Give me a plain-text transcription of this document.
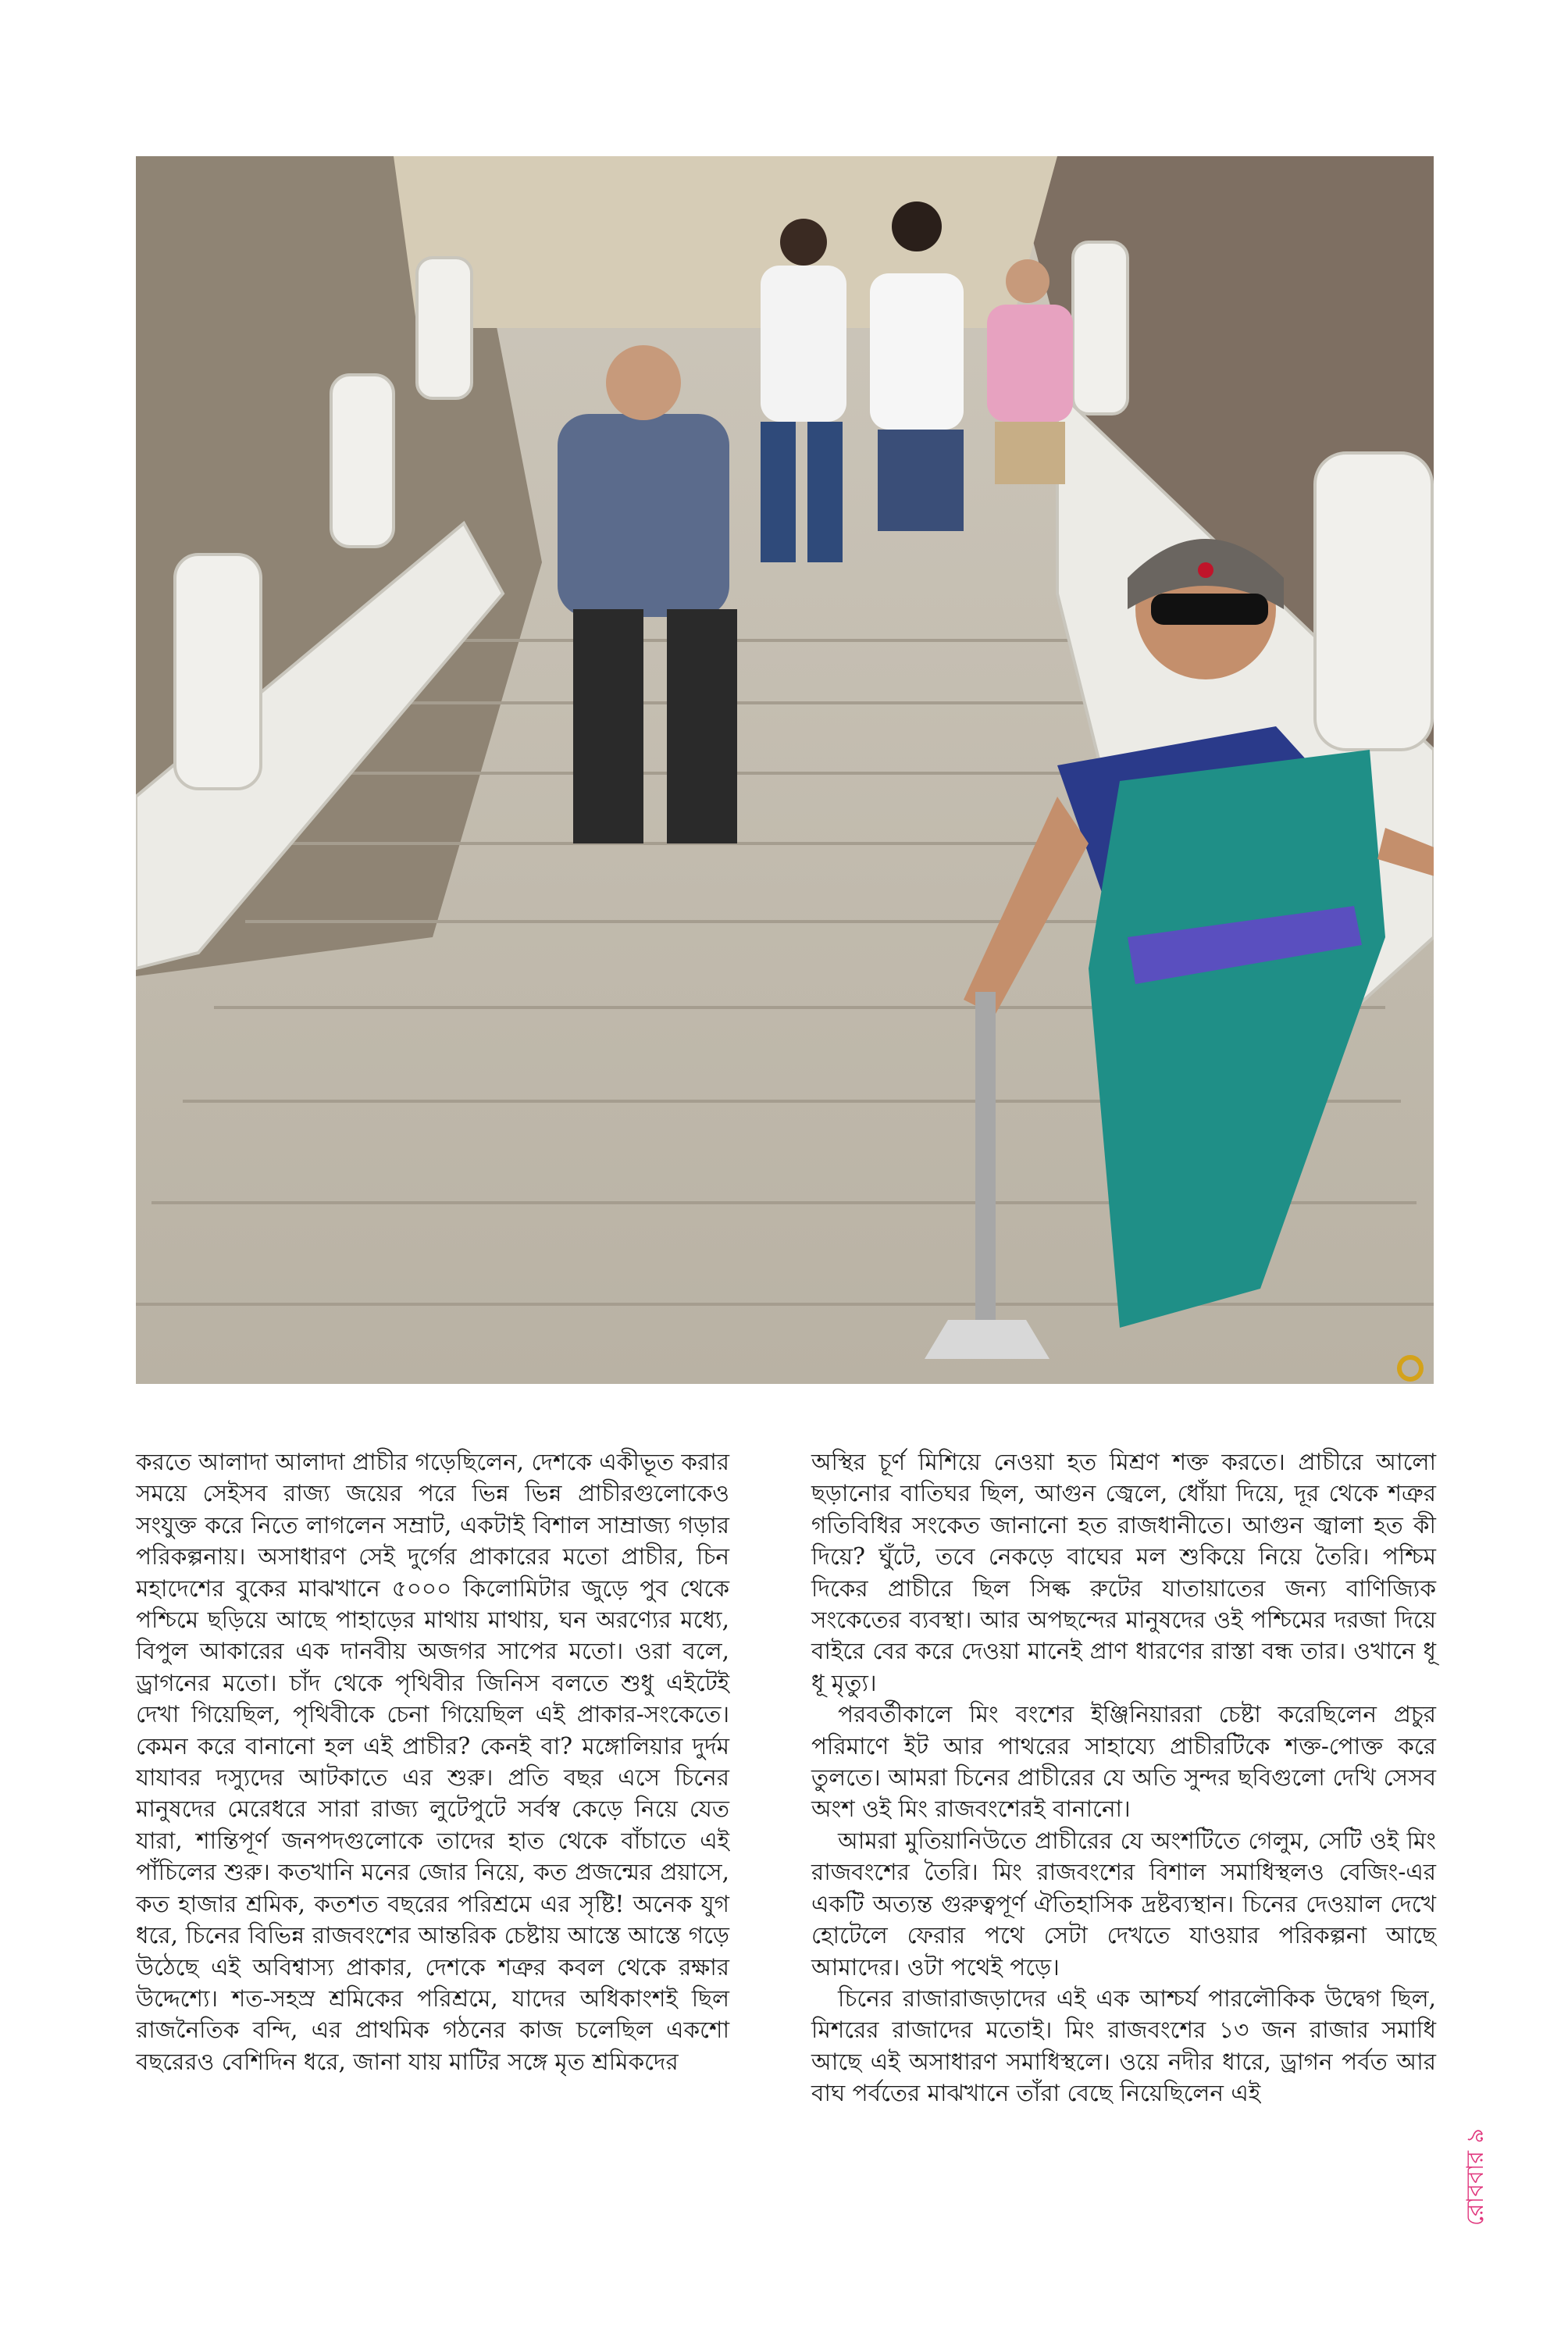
করতে আলাদা আলাদা প্রাচীর গড়েছিলেন, দেশকে একীভূত করার সময়ে সেইসব রাজ্য জয়ের পরে ভিন্ন ভিন্ন প্রাচীরগুলোকেও সংযুক্ত করে নিতে লাগলেন সম্রাট, একটাই বিশাল সাম্রাজ্য গড়ার পরিকল্পনায়। অসাধারণ সেই দুর্গের প্রাকারের মতো প্রাচীর, চিন মহাদেশের বুকের মাঝখানে ৫০০০ কিলোমিটার জুড়ে পুব থেকে পশ্চিমে ছড়িয়ে আছে পাহাড়ের মাথায় মাথায়, ঘন অরণ্যের মধ্যে, বিপুল আকারের এক দানবীয় অজগর সাপের মতো। ওরা বলে, ড্রাগনের মতো। চাঁদ থেকে পৃথিবীর জিনিস বলতে শুধু এইটেই দেখা গিয়েছিল, পৃথিবীকে চেনা গিয়েছিল এই প্রাকার-সংকেতে। কেমন করে বানানো হল এই প্রাচীর? কেনই বা? মঙ্গোলিয়ার দুর্দম যাযাবর দস্যুদের আটকাতে এর শুরু। প্রতি বছর এসে চিনের মানুষদের মেরেধরে সারা রাজ্য লুটেপুটে সর্বস্ব কেড়ে নিয়ে যেত যারা, শান্তিপূর্ণ জনপদগুলোকে তাদের হাত থেকে বাঁচাতে এই পাঁচিলের শুরু। কতখানি মনের জোর নিয়ে, কত প্রজন্মের প্রয়াসে, কত হাজার শ্রমিক, কতশত বছরের পরিশ্রমে এর সৃষ্টি! অনেক যুগ ধরে, চিনের বিভিন্ন রাজবংশের আন্তরিক চেষ্টায় আস্তে আস্তে গড়ে উঠেছে এই অবিশ্বাস্য প্রাকার, দেশকে শত্রুর কবল থেকে রক্ষার উদ্দেশ্যে। শত-সহস্র শ্রমিকের পরিশ্রমে, যাদের অধিকাংশই ছিল রাজনৈতিক বন্দি, এর প্রাথমিক গঠনের কাজ চলেছিল একশো বছরেরও বেশিদিন ধরে, জানা যায় মাটির সঙ্গে মৃত শ্রমিকদের

অস্থির চূর্ণ মিশিয়ে নেওয়া হত মিশ্রণ শক্ত করতে। প্রাচীরে আলো ছড়ানোর বাতিঘর ছিল, আগুন জ্বেলে, ধোঁয়া দিয়ে, দূর থেকে শত্রুর গতিবিধির সংকেত জানানো হত রাজধানীতে। আগুন জ্বালা হত কী দিয়ে? ঘুঁটে, তবে নেকড়ে বাঘের মল শুকিয়ে নিয়ে তৈরি। পশ্চিম দিকের প্রাচীরে ছিল সিল্ক রুটের যাতায়াতের জন্য বাণিজ্যিক সংকেতের ব্যবস্থা। আর অপছন্দের মানুষদের ওই পশ্চিমের দরজা দিয়ে বাইরে বের করে দেওয়া মানেই প্রাণ ধারণের রাস্তা বন্ধ তার। ওখানে ধূ ধূ মৃত্যু।

পরবর্তীকালে মিং বংশের ইঞ্জিনিয়াররা চেষ্টা করেছিলেন প্রচুর পরিমাণে ইট আর পাথরের সাহায্যে প্রাচীরটিকে শক্ত-পোক্ত করে তুলতে। আমরা চিনের প্রাচীরের যে অতি সুন্দর ছবিগুলো দেখি সেসব অংশ ওই মিং রাজবংশেরই বানানো।

আমরা মুতিয়ানিউতে প্রাচীরের যে অংশটিতে গেলুম, সেটি ওই মিং রাজবংশের তৈরি। মিং রাজবংশের বিশাল সমাধিস্থলও বেজিং-এর একটি অত্যন্ত গুরুত্বপূর্ণ ঐতিহাসিক দ্রষ্টব্যস্থান। চিনের দেওয়াল দেখে হোটেলে ফেরার পথে সেটা দেখতে যাওয়ার পরিকল্পনা আছে আমাদের। ওটা পথেই পড়ে।

চিনের রাজারাজড়াদের এই এক আশ্চর্য পারলৌকিক উদ্বেগ ছিল, মিশরের রাজাদের মতোই। মিং রাজবংশের ১৩ জন রাজার সমাধি আছে এই অসাধারণ সমাধিস্থলে। ওয়ে নদীর ধারে, ড্রাগন পর্বত আর বাঘ পর্বতের মাঝখানে তাঁরা বেছে নিয়েছিলেন এই

রোববার ৯
